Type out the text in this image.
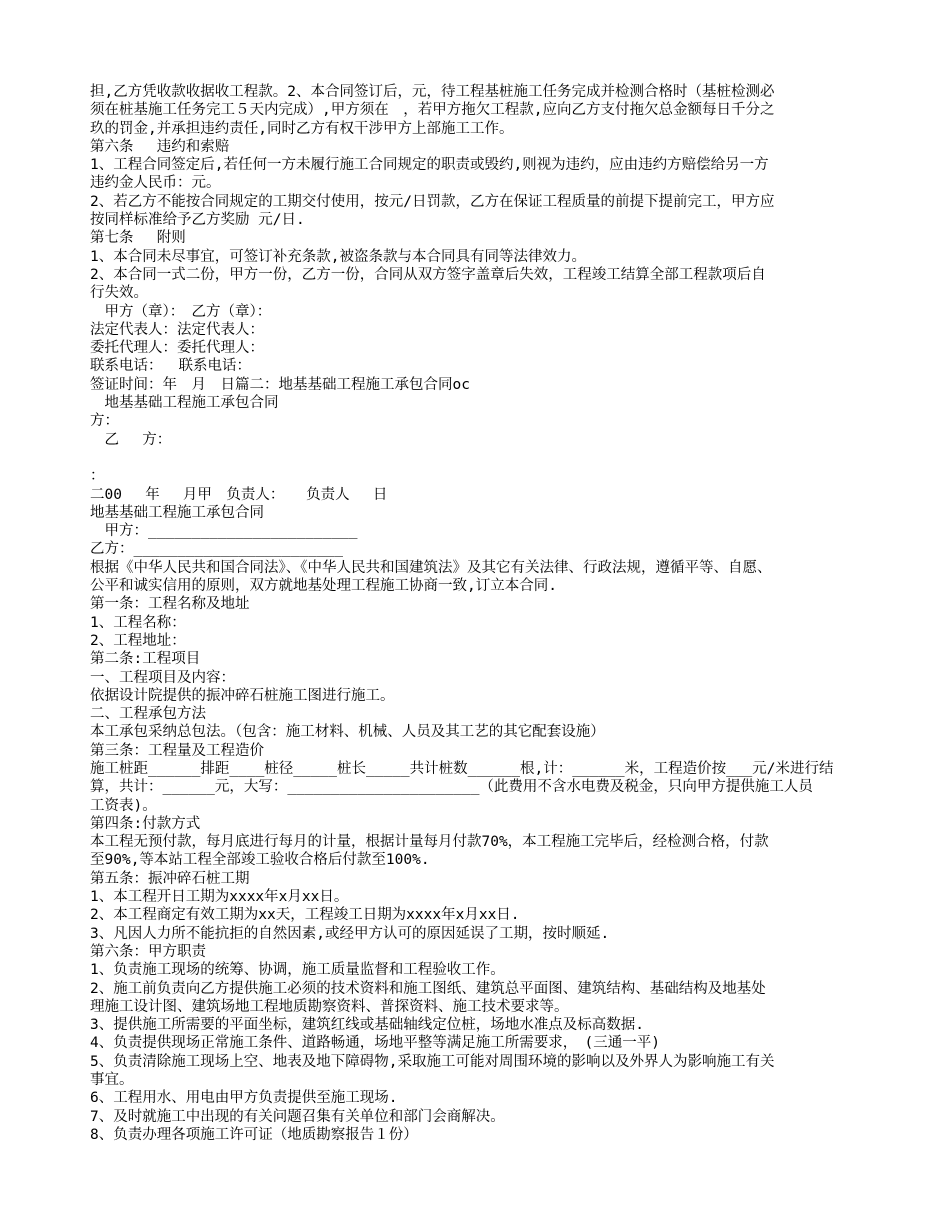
担,乙方凭收款收据收工程款。2、本合同签订后，元，待工程基桩施工任务完成并检测合格时（基桩检测必
须在桩基施工任务完工５天内完成）,甲方须在　，若甲方拖欠工程款,应向乙方支付拖欠总金额每日千分之
玖的罚金,并承担违约责任,同时乙方有权干涉甲方上部施工工作。
第六条　 违约和索赔
1、工程合同签定后,若任何一方未履行施工合同规定的职责或毁约,则视为违约，应由违约方赔偿给另一方
违约金人民币：元。
2、若乙方不能按合同规定的工期交付使用，按元/日罚款，乙方在保证工程质量的前提下提前完工，甲方应
按同样标准给予乙方奖励 元/日.
第七条　 附则
1、本合同未尽事宜，可签订补充条款,被盗条款与本合同具有同等法律效力。
2、本合同一式二份，甲方一份，乙方一份，合同从双方签字盖章后失效，工程竣工结算全部工程款项后自
行失效。
　甲方（章）：　乙方（章）：
法定代表人：法定代表人：
委托代理人：委托代理人：
联系电话：　 联系电话：
签证时间：年　月　日篇二：地基基础工程施工承包合同oc
　地基基础工程施工承包合同
方：
　乙　 方：
：
二00　 年　 月甲　负责人：　　负责人　 日
地基基础工程施工承包合同
　甲方：________________________
乙方：________________________
根据《中华人民共和国合同法》、《中华人民共和国建筑法》及其它有关法律、行政法规，遵循平等、自愿、
公平和诚实信用的原则，双方就地基处理工程施工协商一致,订立本合同.
第一条：工程名称及地址
1、工程名称：
2、工程地址：
第二条:工程项目
一、工程项目及内容：
依据设计院提供的振冲碎石桩施工图进行施工。
二、工程承包方法
本工承包采纳总包法。（包含：施工材料、机械、人员及其工艺的其它配套设施）
第三条：工程量及工程造价
施工桩距______排距____桩径_____桩长_____共计桩数______根,计：______米，工程造价按___元/米进行结
算，共计：______元，大写：______________________（此费用不含水电费及税金，只向甲方提供施工人员
工资表)。
第四条:付款方式
本工程无预付款，每月底进行每月的计量，根据计量每月付款70%，本工程施工完毕后，经检测合格，付款
至90%,等本站工程全部竣工验收合格后付款至100%.
第五条：振冲碎石桩工期
1、本工程开日工期为xxxx年x月xx日。
2、本工程商定有效工期为xx天，工程竣工日期为xxxx年x月xx日.
3、凡因人力所不能抗拒的自然因素,或经甲方认可的原因延误了工期，按时顺延.
第六条：甲方职责
1、负责施工现场的统筹、协调，施工质量监督和工程验收工作。
2、施工前负责向乙方提供施工必须的技术资料和施工图纸、建筑总平面图、建筑结构、基础结构及地基处
理施工设计图、建筑场地工程地质勘察资料、普探资料、施工技术要求等。
3、提供施工所需要的平面坐标，建筑红线或基础轴线定位桩，场地水准点及标高数据.
4、负责提供现场正常施工条件、道路畅通，场地平整等满足施工所需要求，　(三通一平)
5、负责清除施工现场上空、地表及地下障碍物,采取施工可能对周围环境的影响以及外界人为影响施工有关
事宜。
6、工程用水、用电由甲方负责提供至施工现场.
7、及时就施工中出现的有关问题召集有关单位和部门会商解决。
8、负责办理各项施工许可证（地质勘察报告１份）
